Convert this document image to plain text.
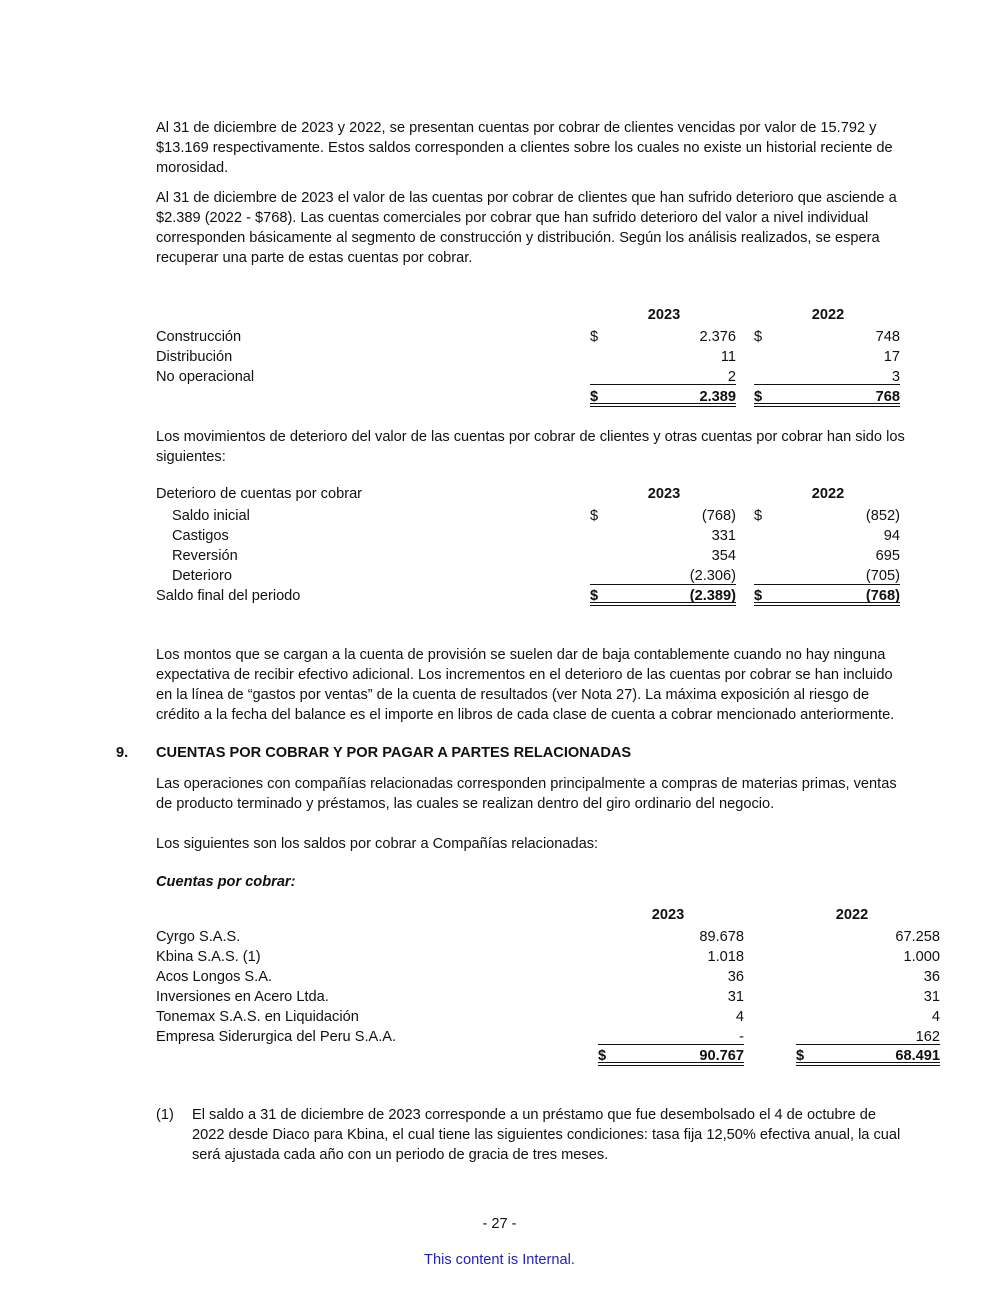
Al 31 de diciembre de 2023 y 2022, se presentan cuentas por cobrar de clientes vencidas por valor de 15.792 y $13.169 respectivamente. Estos saldos corresponden a clientes sobre los cuales no existe un historial reciente de morosidad.

Al 31 de diciembre de 2023 el valor de las cuentas por cobrar de clientes que han sufrido deterioro que asciende a $2.389 (2022 - $768). Las cuentas comerciales por cobrar que han sufrido deterioro del valor a nivel individual corresponden básicamente al segmento de construcción y distribución. Según los análisis realizados, se espera recuperar una parte de estas cuentas por cobrar.

2023	2022
Construcción	$	2.376 $	748
Distribución	11	17
No operacional	2	3
$	2.389 $	768

Los movimientos de deterioro del valor de las cuentas por cobrar de clientes y otras cuentas por cobrar han sido los siguientes:

Deterioro de cuentas por cobrar	2023	2022
Saldo inicial	$	(768) $	(852)
Castigos	331	94
Reversión	354	695
Deterioro	(2.306)	(705)
Saldo final del periodo	$	(2.389) $	(768)

Los montos que se cargan a la cuenta de provisión se suelen dar de baja contablemente cuando no hay ninguna expectativa de recibir efectivo adicional. Los incrementos en el deterioro de las cuentas por cobrar se han incluido en la línea de “gastos por ventas” de la cuenta de resultados (ver Nota 27). La máxima exposición al riesgo de crédito a la fecha del balance es el importe en libros de cada clase de cuenta a cobrar mencionado anteriormente.

9. CUENTAS POR COBRAR Y POR PAGAR A PARTES RELACIONADAS

Las operaciones con compañías relacionadas corresponden principalmente a compras de materias primas, ventas de producto terminado y préstamos, las cuales se realizan dentro del giro ordinario del negocio.

Los siguientes son los saldos por cobrar a Compañías relacionadas:

Cuentas por cobrar:
2023	2022
Cyrgo S.A.S.	89.678	67.258
Kbina S.A.S. (1)	1.018	1.000
Acos Longos S.A.	36	36
Inversiones en Acero Ltda.	31	31
Tonemax S.A.S. en Liquidación	4	4
Empresa Siderurgica del Peru S.A.A.	-	162
$	90.767	$	68.491
(1) El saldo a 31 de diciembre de 2023 corresponde a un préstamo que fue desembolsado el 4 de octubre de 2022 desde Diaco para Kbina, el cual tiene las siguientes condiciones: tasa fija 12,50% efectiva anual, la cual será ajustada cada año con un periodo de gracia de tres meses.

- 27 -
This content is Internal.
